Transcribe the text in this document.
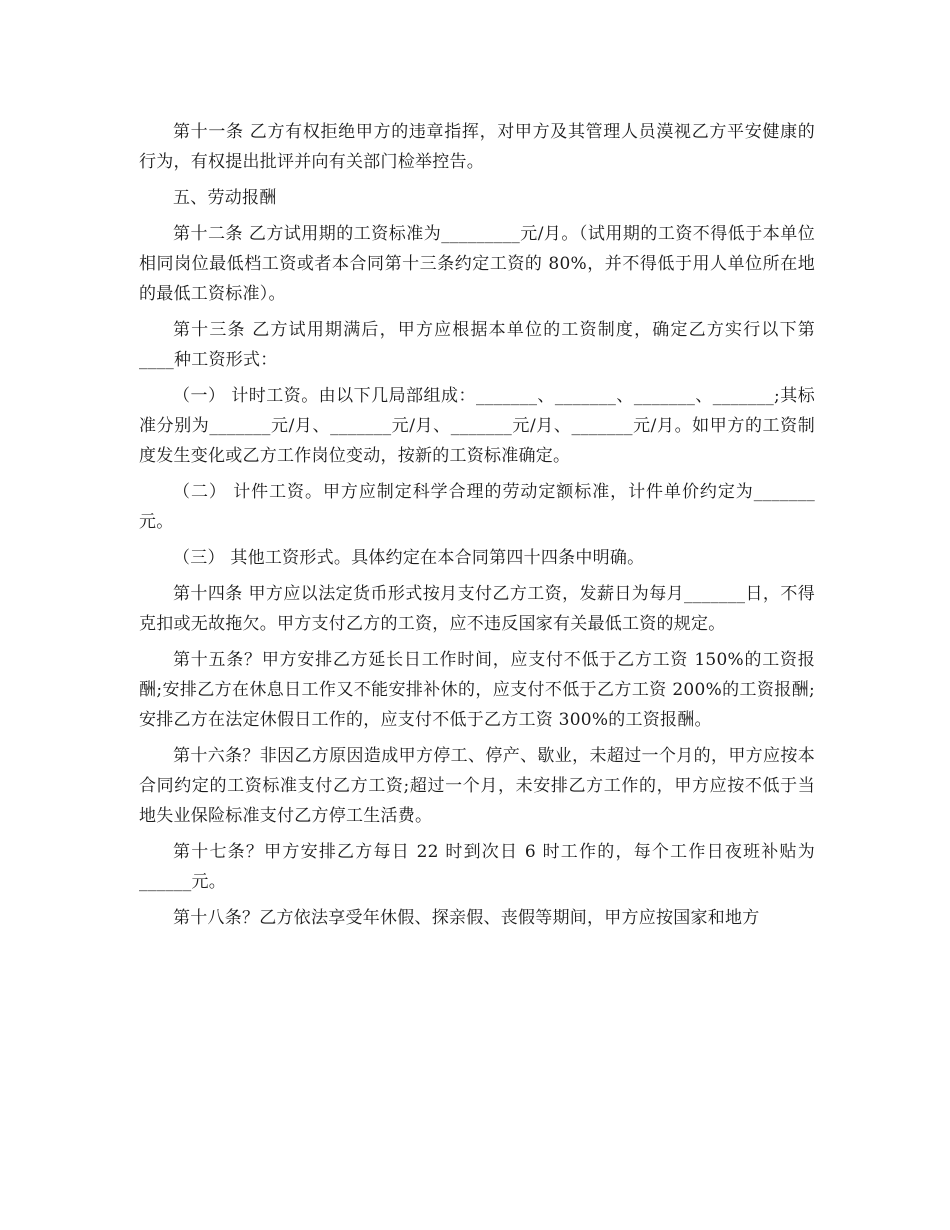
第十一条 乙方有权拒绝甲方的违章指挥，对甲方及其管理人员漠视乙方平安健康的行为，有权提出批评并向有关部门检举控告。

五、劳动报酬

第十二条 乙方试用期的工资标准为_________元/月。（试用期的工资不得低于本单位相同岗位最低档工资或者本合同第十三条约定工资的 80%，并不得低于用人单位所在地的最低工资标准）。

第十三条 乙方试用期满后，甲方应根据本单位的工资制度，确定乙方实行以下第____种工资形式：

（一） 计时工资。由以下几局部组成：_______、_______、_______、_______;其标准分别为_______元/月、_______元/月、_______元/月、_______元/月。如甲方的工资制度发生变化或乙方工作岗位变动，按新的工资标准确定。

（二） 计件工资。甲方应制定科学合理的劳动定额标准，计件单价约定为_______元。

（三） 其他工资形式。具体约定在本合同第四十四条中明确。

第十四条 甲方应以法定货币形式按月支付乙方工资，发薪日为每月_______日，不得克扣或无故拖欠。甲方支付乙方的工资，应不违反国家有关最低工资的规定。

第十五条？甲方安排乙方延长日工作时间，应支付不低于乙方工资 150%的工资报酬;安排乙方在休息日工作又不能安排补休的，应支付不低于乙方工资 200%的工资报酬;安排乙方在法定休假日工作的，应支付不低于乙方工资 300%的工资报酬。

第十六条？非因乙方原因造成甲方停工、停产、歇业，未超过一个月的，甲方应按本合同约定的工资标准支付乙方工资;超过一个月，未安排乙方工作的，甲方应按不低于当地失业保险标准支付乙方停工生活费。

第十七条？甲方安排乙方每日 22 时到次日 6 时工作的，每个工作日夜班补贴为______元。

第十八条？乙方依法享受年休假、探亲假、丧假等期间，甲方应按国家和地方
